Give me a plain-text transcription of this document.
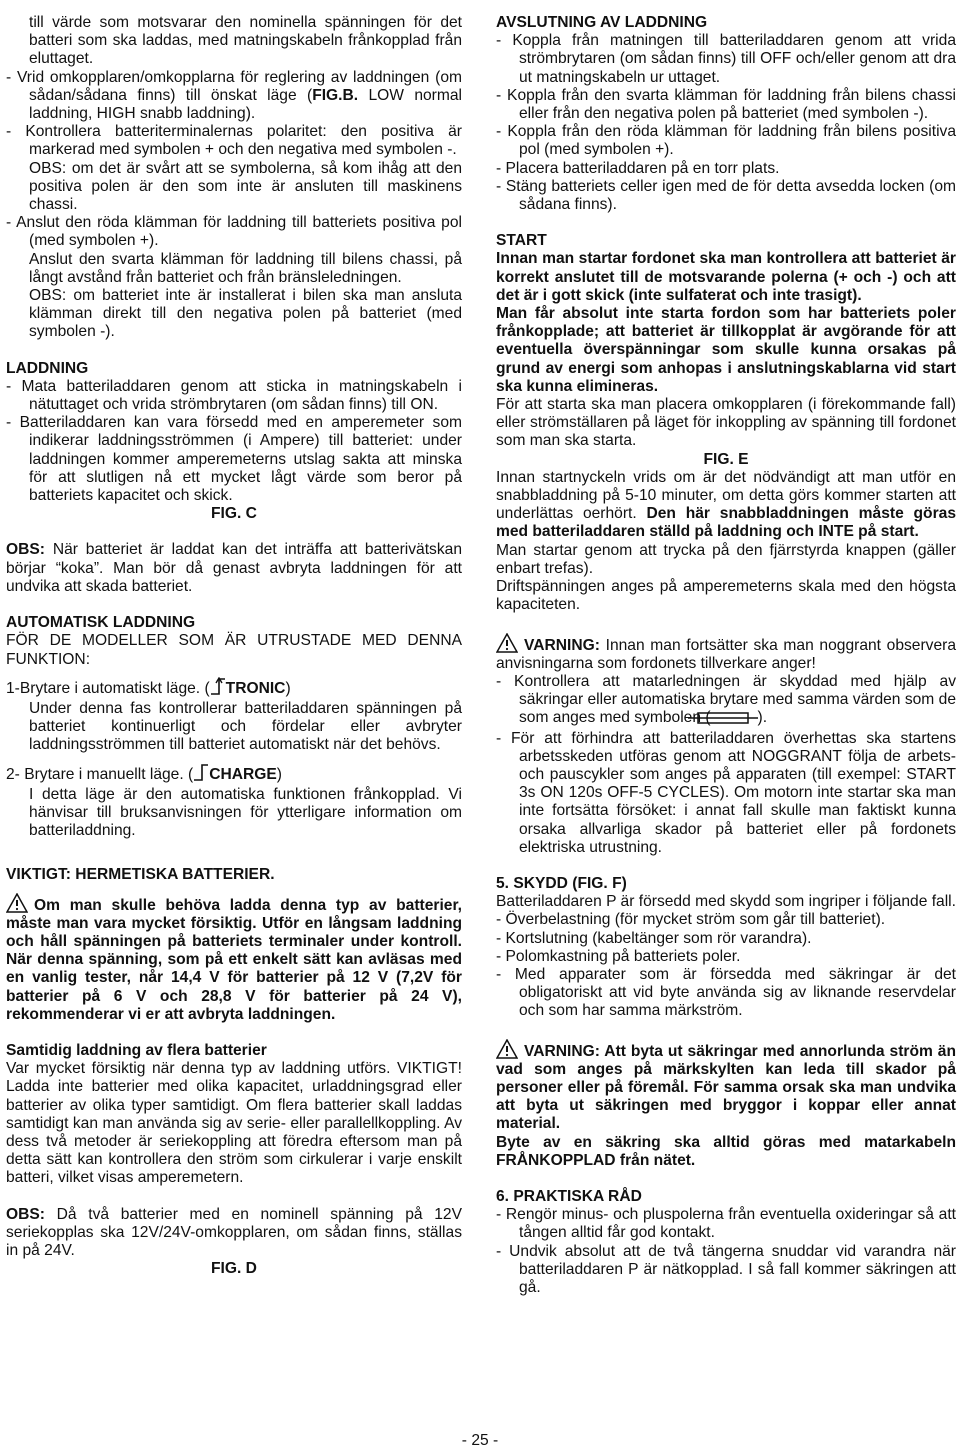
till värde som motsvarar den nominella spänningen för det batteri som ska laddas, med matningskabeln frånkopplad från eluttaget.

- Vrid omkopplaren/omkopplarna för reglering av laddningen (om sådan/sådana finns) till önskat läge (FIG.B. LOW normal laddning, HIGH snabb laddning).

- Kontrollera batteriterminalernas polaritet: den positiva är markerad med symbolen + och den negativa med symbolen -.

OBS: om det är svårt att se symbolerna, så kom ihåg att den positiva polen är den som inte är ansluten till maskinens chassi.

- Anslut den röda klämman för laddning till batteriets positiva pol (med symbolen +).

Anslut den svarta klämman för laddning till bilens chassi, på långt avstånd från batteriet och från bränsleledningen.

OBS: om batteriet inte är installerat i bilen ska man ansluta klämman direkt till den negativa polen på batteriet (med symbolen -).

LADDNING

- Mata batteriladdaren genom att sticka in matningskabeln i nätuttaget och vrida strömbrytaren (om sådan finns) till ON.

- Batteriladdaren kan vara försedd med en amperemeter som indikerar laddningsströmmen (i Ampere) till batteriet: under laddningen kommer amperemeterns utslag sakta att minska för att slutligen nå ett mycket lågt värde som beror på batteriets kapacitet och skick.

FIG. C

OBS: När batteriet är laddat kan det inträffa att batterivätskan börjar “koka”. Man bör då genast avbryta laddningen för att undvika att skada batteriet.

AUTOMATISK LADDNING

FÖR DE MODELLER SOM ÄR UTRUSTADE MED DENNA FUNKTION:

1-Brytare i automatiskt läge. ( TRONIC)

Under denna fas kontrollerar batteriladdaren spänningen på batteriet kontinuerligt och fördelar eller avbryter laddningsströmmen till batteriet automatiskt när det behövs.

2- Brytare i manuellt läge. ( CHARGE)

I detta läge är den automatiska funktionen frånkopplad. Vi hänvisar till bruksanvisningen för ytterligare information om batteriladdning.

VIKTIGT: HERMETISKA BATTERIER.

Om man skulle behöva ladda denna typ av batterier, måste man vara mycket försiktig. Utför en långsam laddning och håll spänningen på batteriets terminaler under kontroll. När denna spänning, som på ett enkelt sätt kan avläsas med en vanlig tester, når 14,4 V för batterier på 12 V (7,2V för batterier på 6 V och 28,8 V för batterier på 24 V), rekommenderar vi er att avbryta laddningen.

Samtidig laddning av flera batterier

Var mycket försiktig när denna typ av laddning utförs. VIKTIGT! Ladda inte batterier med olika kapacitet, urladdningsgrad eller batterier av olika typer samtidigt. Om flera batterier skall laddas samtidigt kan man använda sig av serie- eller parallellkoppling. Av dess två metoder är seriekoppling att föredra eftersom man på detta sätt kan kontrollera den ström som cirkulerar i varje enskilt batteri, vilket visas amperemetern.

OBS: Då två batterier med en nominell spänning på 12V seriekopplas ska 12V/24V-omkopplaren, om sådan finns, ställas in på 24V.

FIG. D

AVSLUTNING AV LADDNING

- Koppla från matningen till batteriladdaren genom att vrida strömbrytaren (om sådan finns) till OFF och/eller genom att dra ut matningskabeln ur uttaget.

- Koppla från den svarta klämman för laddning från bilens chassi eller från den negativa polen på batteriet (med symbolen -).

- Koppla från den röda klämman för laddning från bilens positiva pol (med symbolen +).

- Placera batteriladdaren på en torr plats.

- Stäng batteriets celler igen med de för detta avsedda locken (om sådana finns).

START

Innan man startar fordonet ska man kontrollera att batteriet är korrekt anslutet till de motsvarande polerna (+ och -) och att det är i gott skick (inte sulfaterat och inte trasigt).

Man får absolut inte starta fordon som har batteriets poler frånkopplade; att batteriet är tillkopplat är avgörande för att eventuella överspänningar som skulle kunna orsakas på grund av energi som anhopas i anslutningskablarna vid start ska kunna elimineras.

För att starta ska man placera omkopplaren (i förekommande fall) eller strömställaren på läget för inkoppling av spänning till fordonet som man ska starta.

FIG. E

Innan startnyckeln vrids om är det nödvändigt att man utför en snabbladdning på 5-10 minuter, om detta görs kommer starten att underlättas oerhört. Den här snabbladdningen måste göras med batteriladdaren ställd på laddning och INTE på start.

Man startar genom att trycka på den fjärrstyrda knappen (gäller enbart trefas).

Driftspänningen anges på amperemeterns skala med den högsta kapaciteten.

VARNING: Innan man fortsätter ska man noggrant observera anvisningarna som fordonets tillverkare anger!

- Kontrollera att matarledningen är skyddad med hjälp av säkringar eller automatiska brytare med samma värden som de som anges med symbolen (	).

- För att förhindra att batteriladdaren överhettas ska startens arbetsskeden utföras genom att NOGGRANT följa de arbets- och pauscykler som anges på apparaten (till exempel: START 3s ON 120s OFF-5 CYCLES). Om motorn inte startar ska man inte fortsätta försöket: i annat fall skulle man faktiskt kunna orsaka allvarliga skador på batteriet eller på fordonets elektriska utrustning.

5. SKYDD (FIG. F)

Batteriladdaren P är försedd med skydd som ingriper i följande fall.

- Överbelastning (för mycket ström som går till batteriet).

- Kortslutning (kabeltänger som rör varandra).

- Polomkastning på batteriets poler.

- Med apparater som är försedda med säkringar är det obligatoriskt att vid byte använda sig av liknande reservdelar och som har samma märkström.

VARNING: Att byta ut säkringar med annorlunda ström än vad som anges på märkskylten kan leda till skador på personer eller på föremål. För samma orsak ska man undvika att byta ut säkringen med bryggor i koppar eller annat material.

Byte av en säkring ska alltid göras med matarkabeln FRÅNKOPPLAD från nätet.

6. PRAKTISKA RÅD

- Rengör minus- och pluspolerna från eventuella oxideringar så att tången alltid får god kontakt.

- Undvik absolut att de två tängerna snuddar vid varandra när batteriladdaren P är nätkopplad. I så fall kommer säkringen att gå.

- 25 -
